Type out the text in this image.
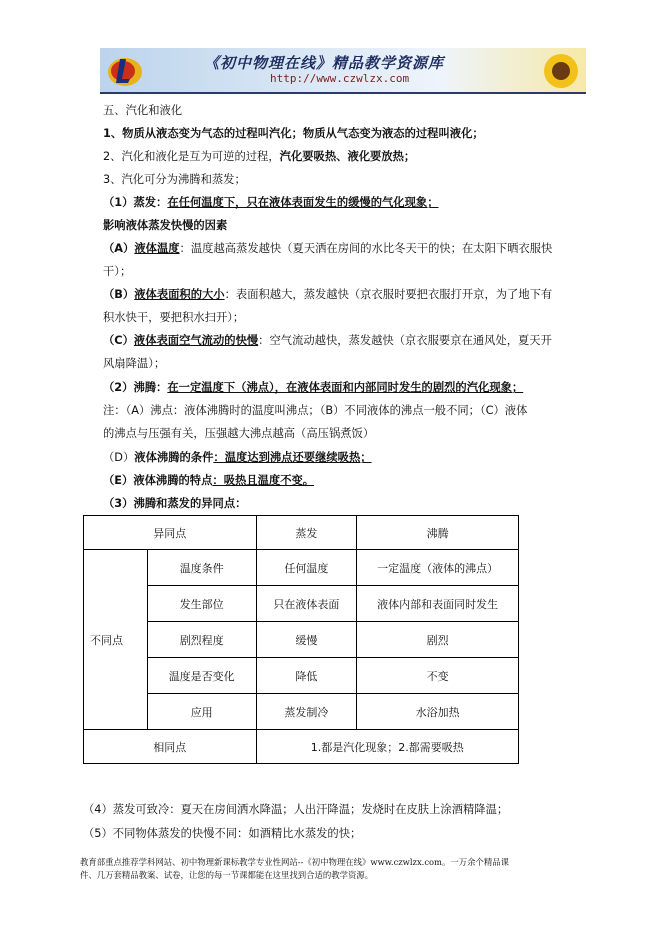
《初中物理在线》精品教学资源库
http://www.czwlzx.com
五、汽化和液化
1、物质从液态变为气态的过程叫汽化；物质从气态变为液态的过程叫液化；
2、汽化和液化是互为可逆的过程，汽化要吸热、液化要放热；
3、汽化可分为沸腾和蒸发；
（1）蒸发：在任何温度下，只在液体表面发生的缓慢的气化现象；
影响液体蒸发快慢的因素
（A）液体温度：温度越高蒸发越快（夏天洒在房间的水比冬天干的快；在太阳下晒衣服快
干）；
（B）液体表面积的大小：表面积越大，蒸发越快（京衣服时要把衣服打开京，为了地下有
积水快干，要把积水扫开）；
（C）液体表面空气流动的快慢：空气流动越快，蒸发越快（京衣服要京在通风处，夏天开
风扇降温）；
（2）沸腾：在一定温度下（沸点），在液体表面和内部同时发生的剧烈的汽化现象；
注：（A）沸点：液体沸腾时的温度叫沸点；（B）不同液体的沸点一般不同；（C）液体
的沸点与压强有关，压强越大沸点越高（高压锅煮饭）
（D）液体沸腾的条件：温度达到沸点还要继续吸热；
（E）液体沸腾的特点：吸热且温度不变。
（3）沸腾和蒸发的异同点：
异同点		蒸发	沸腾
不同点	温度条件	任何温度	一定温度（液体的沸点）
	发生部位	只在液体表面	液体内部和表面同时发生
	剧烈程度	缓慢	剧烈
	温度是否变化	降低	不变
	应用	蒸发制冷	水浴加热
相同点		1.都是汽化现象；2.都需要吸热	
（4）蒸发可致冷：夏天在房间洒水降温；人出汗降温；发烧时在皮肤上涂酒精降温；
（5）不同物体蒸发的快慢不同：如酒精比水蒸发的快；
教育部重点推荐学科网站、初中物理新课标教学专业性网站--《初中物理在线》www.czwlzx.com。一万余个精品课
件、几万套精品教案、试卷，让您的每一节课都能在这里找到合适的教学资源。
